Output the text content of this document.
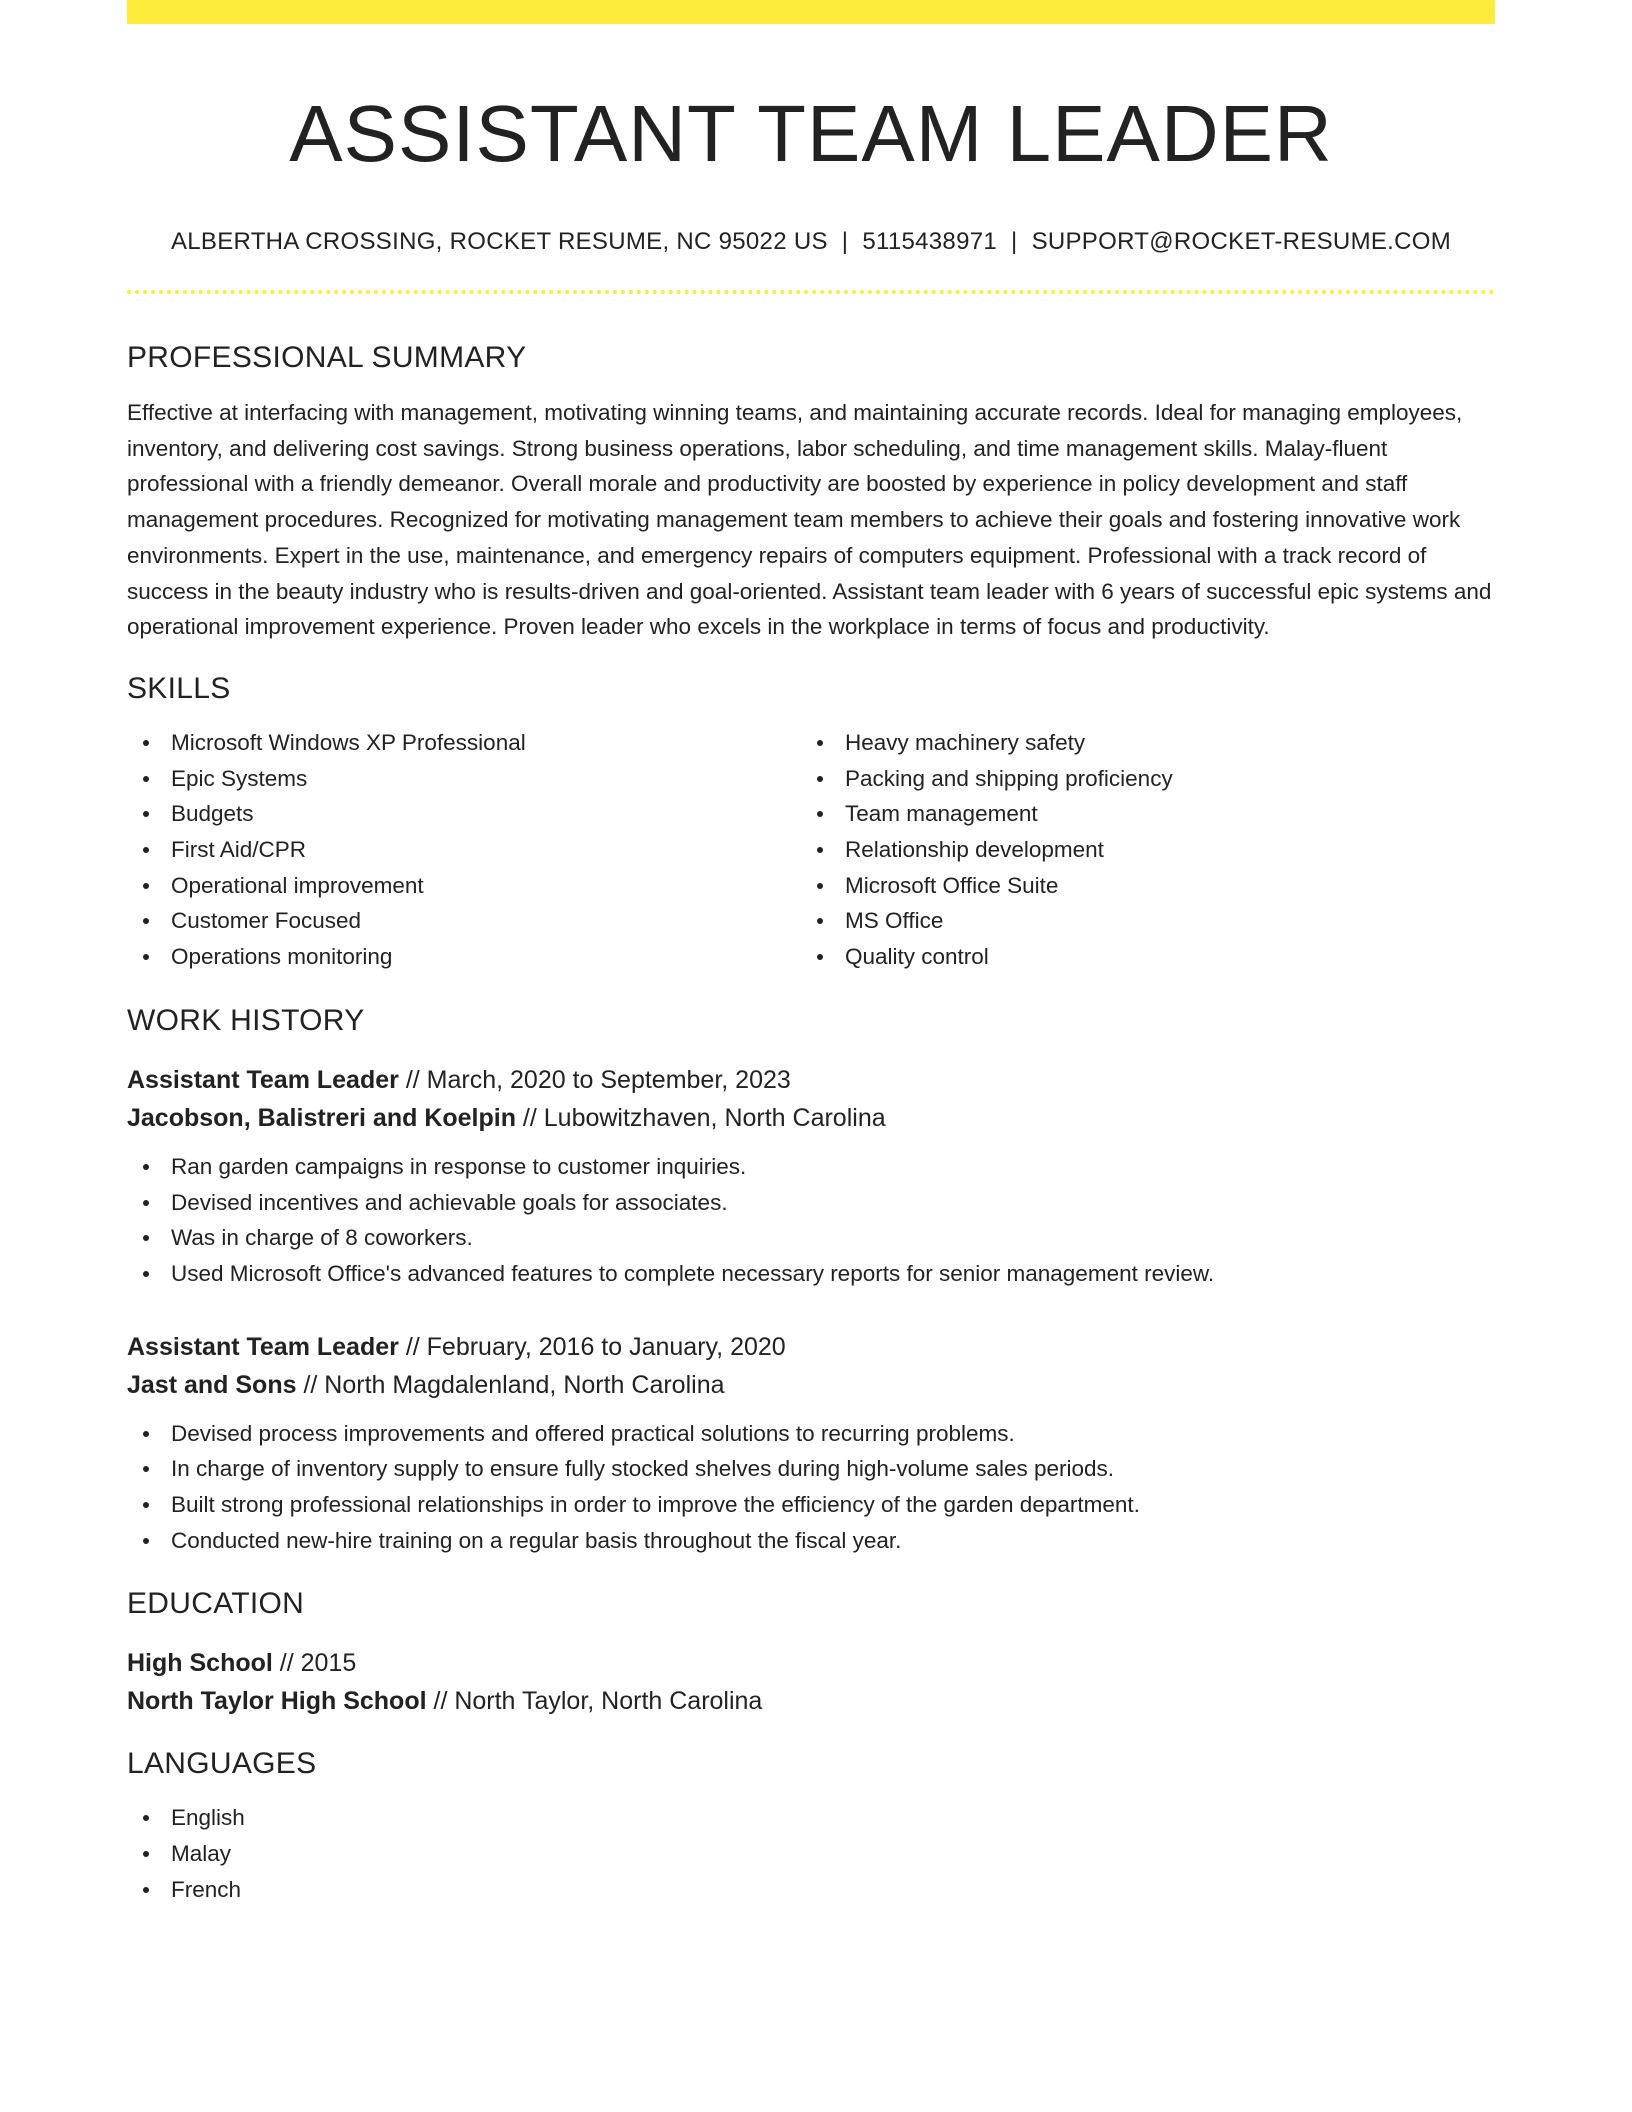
ASSISTANT TEAM LEADER
ALBERTHA CROSSING, ROCKET RESUME, NC 95022 US | 5115438971 | SUPPORT@ROCKET-RESUME.COM
PROFESSIONAL SUMMARY

Effective at interfacing with management, motivating winning teams, and maintaining accurate records. Ideal for managing employees, inventory, and delivering cost savings. Strong business operations, labor scheduling, and time management skills. Malay-fluent professional with a friendly demeanor. Overall morale and productivity are boosted by experience in policy development and staff management procedures. Recognized for motivating management team members to achieve their goals and fostering innovative work environments. Expert in the use, maintenance, and emergency repairs of computers equipment. Professional with a track record of success in the beauty industry who is results-driven and goal-oriented. Assistant team leader with 6 years of successful epic systems and operational improvement experience. Proven leader who excels in the workplace in terms of focus and productivity.

SKILLS
Microsoft Windows XP Professional
Epic Systems
Budgets
First Aid/CPR
Operational improvement
Customer Focused
Operations monitoring
Heavy machinery safety
Packing and shipping proficiency
Team management
Relationship development
Microsoft Office Suite
MS Office
Quality control
WORK HISTORY
Assistant Team Leader // March, 2020 to September, 2023
Jacobson, Balistreri and Koelpin // Lubowitzhaven, North Carolina
Ran garden campaigns in response to customer inquiries.
Devised incentives and achievable goals for associates.
Was in charge of 8 coworkers.
Used Microsoft Office's advanced features to complete necessary reports for senior management review.
Assistant Team Leader // February, 2016 to January, 2020
Jast and Sons // North Magdalenland, North Carolina
Devised process improvements and offered practical solutions to recurring problems.
In charge of inventory supply to ensure fully stocked shelves during high-volume sales periods.
Built strong professional relationships in order to improve the efficiency of the garden department.
Conducted new-hire training on a regular basis throughout the fiscal year.
EDUCATION
High School // 2015
North Taylor High School // North Taylor, North Carolina
LANGUAGES
English
Malay
French
